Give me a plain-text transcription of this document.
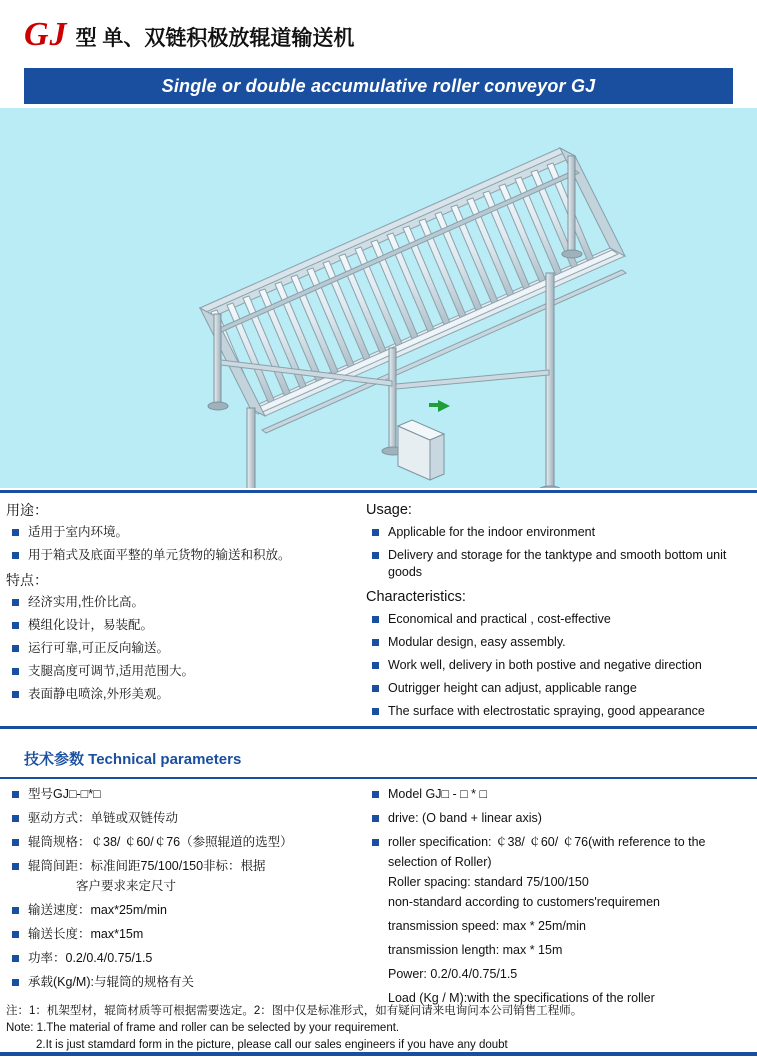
GJ 型 单、双链积极放辊道输送机
Single or double accumulative roller conveyor GJ

用途：

适用于室内环境。
用于箱式及底面平整的单元货物的输送和积放。

特点：

经济实用,性价比高。
模组化设计，易装配。
运行可靠,可正反向输送。
支腿高度可调节,适用范围大。
表面静电喷涂,外形美观。

Usage:

Applicable for the indoor environment
Delivery and storage for the tanktype and smooth bottom unit goods

Characteristics:

Economical and practical , cost-effective
Modular design, easy assembly.
Work well, delivery in both postive and negative direction
Outrigger height can adjust, applicable range
The surface with electrostatic spraying, good appearance
技术参数 Technical parameters
型号GJ□-□*□
驱动方式：单链或双链传动
辊筒规格：￠38/ ￠60/￠76（参照辊道的选型）
辊筒间距：标准间距75/100/150非标：根据
客户要求来定尺寸
输送速度：max*25m/min
输送长度：max*15m
功率：0.2/0.4/0.75/1.5
承载(Kg/M):与辊筒的规格有关
Model GJ□ - □ * □
drive: (O band + linear axis)
roller specification: ￠38/ ￠60/ ￠76(with reference to the
selection of Roller)
Roller spacing: standard 75/100/150
non-standard according to customers'requiremen
transmission speed: max * 25m/min
transmission length: max * 15m
Power: 0.2/0.4/0.75/1.5
Load (Kg / M):with the specifications of the roller
注：1：机架型材，辊筒材质等可根据需要选定。2：图中仅是标准形式，如有疑问请来电询问本公司销售工程师。
Note: 1.The material of frame and roller can be selected by your requirement.
2.It is just stamdard form in the picture, please call our sales engineers if you have any doubt
